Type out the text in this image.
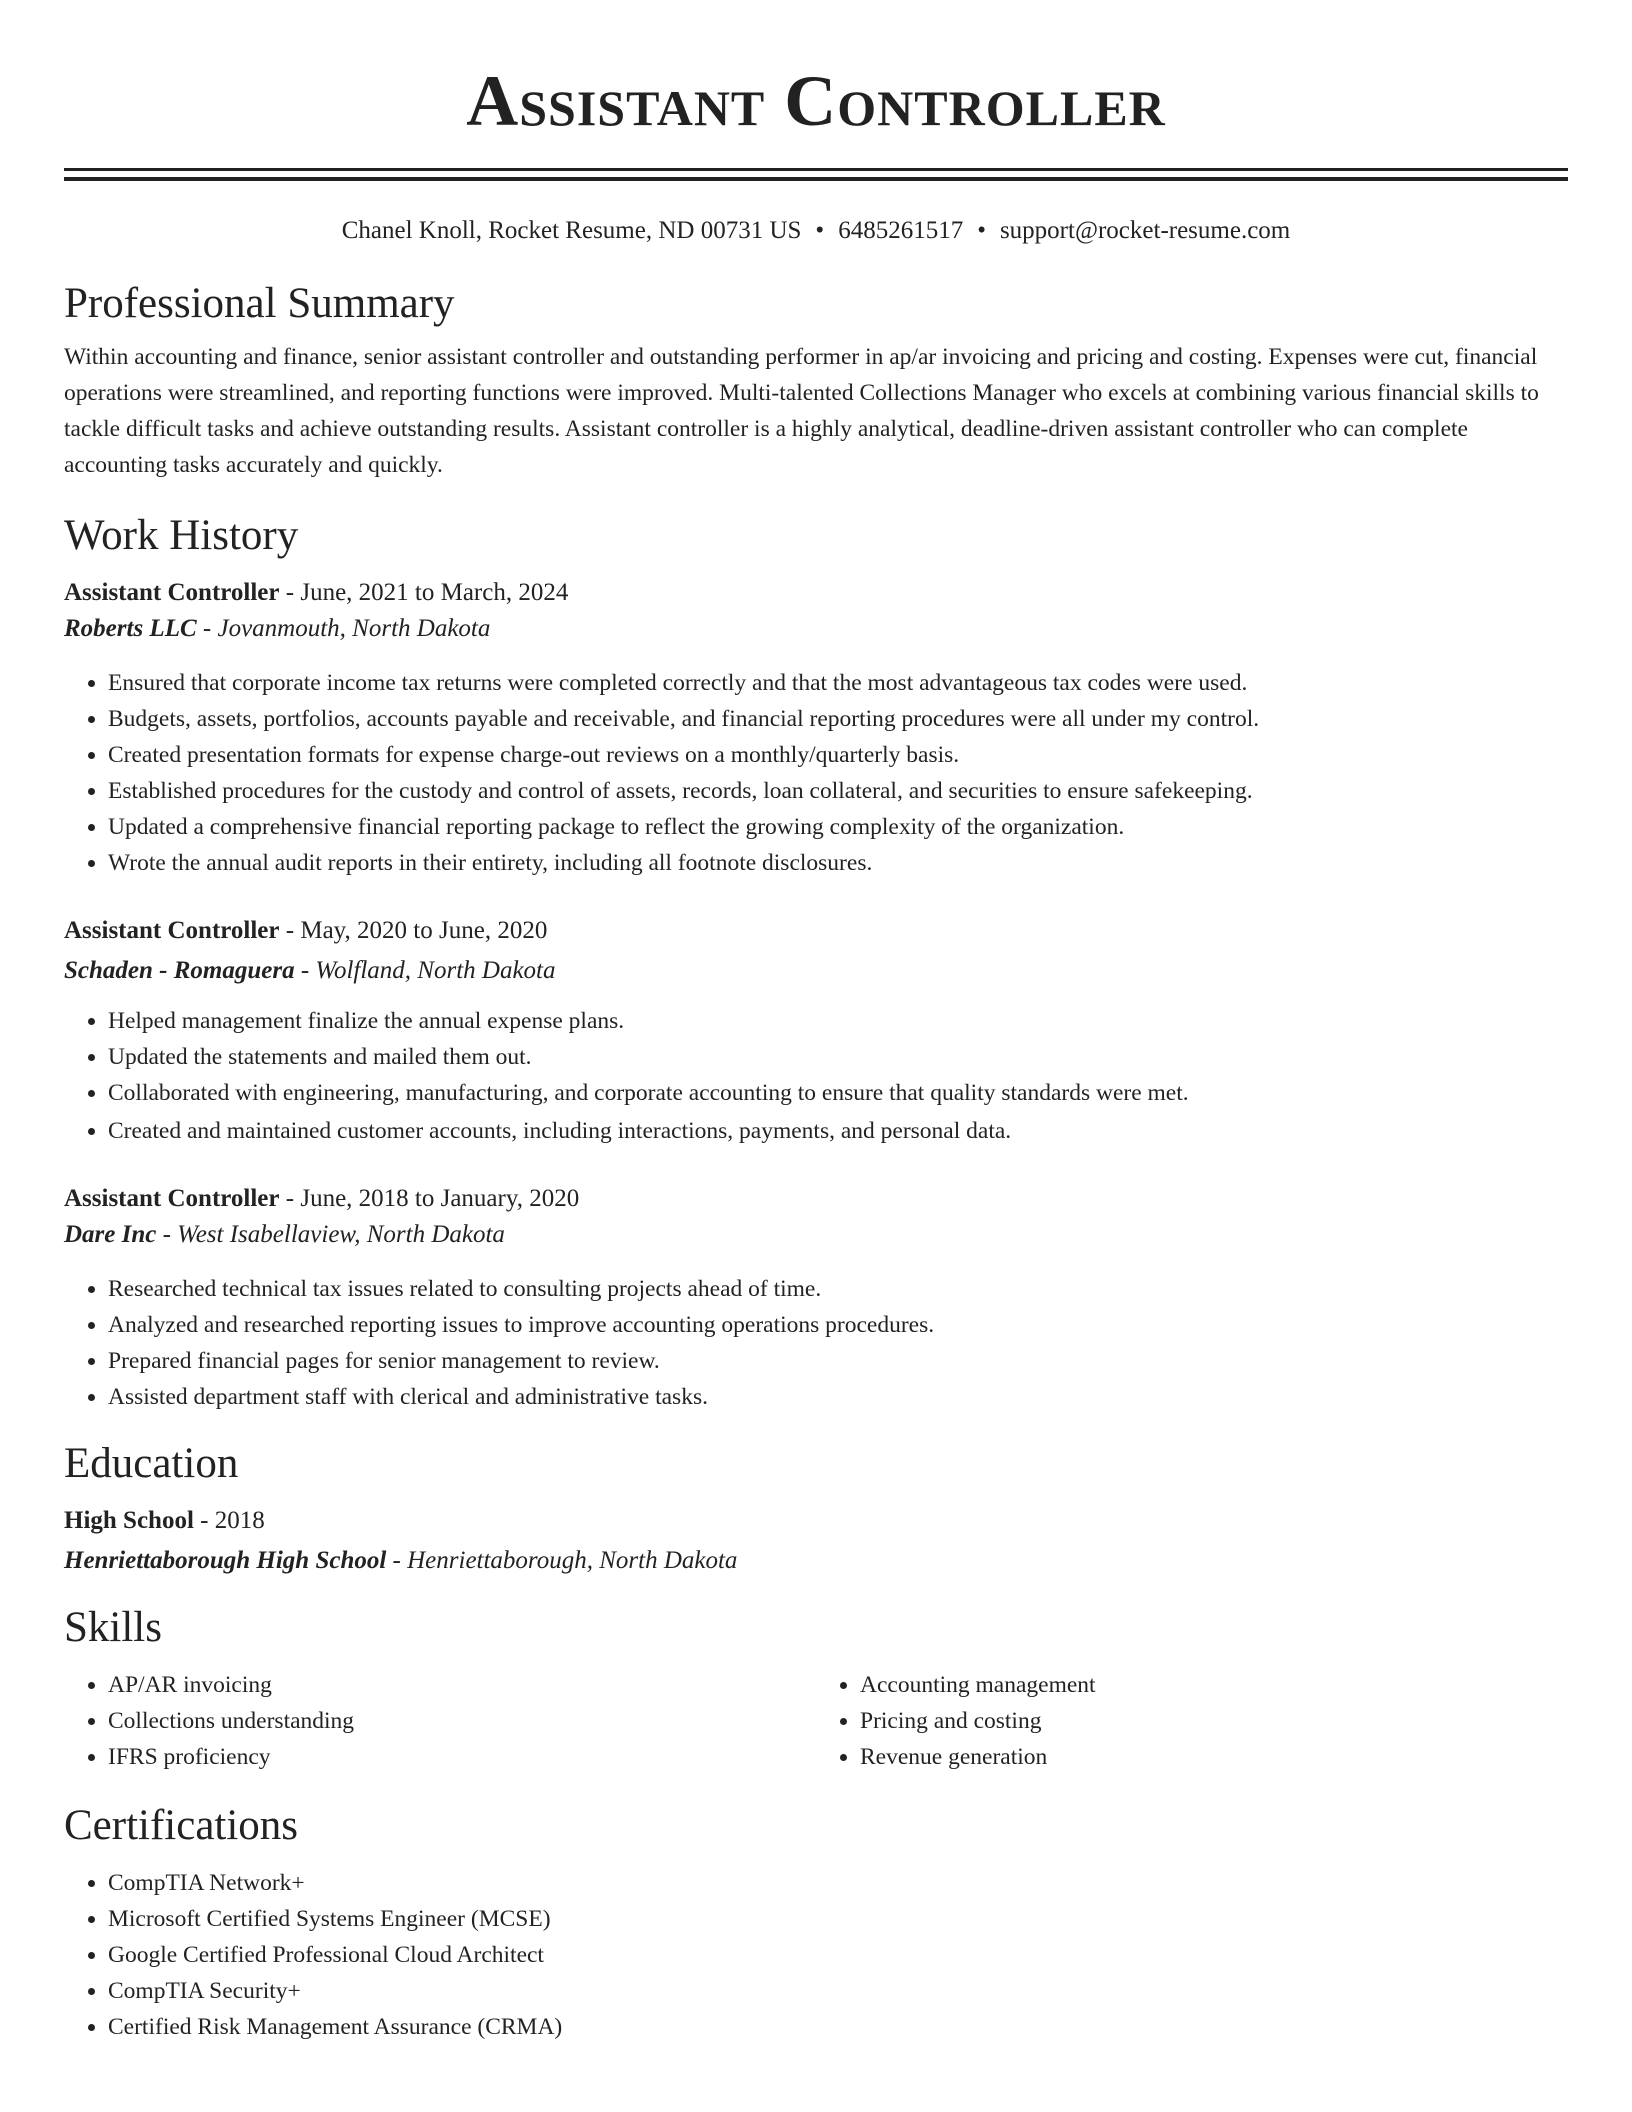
Assistant Controller
Chanel Knoll, Rocket Resume, ND 00731 US • 6485261517 • support@rocket-resume.com
Professional Summary

Within accounting and finance, senior assistant controller and outstanding performer in ap/ar invoicing and pricing and costing. Expenses were cut, financial operations were streamlined, and reporting functions were improved. Multi-talented Collections Manager who excels at combining various financial skills to tackle difficult tasks and achieve outstanding results. Assistant controller is a highly analytical, deadline-driven assistant controller who can complete accounting tasks accurately and quickly.

Work History
Assistant Controller - June, 2021 to March, 2024
Roberts LLC - Jovanmouth, North Dakota
• Ensured that corporate income tax returns were completed correctly and that the most advantageous tax codes were used.
• Budgets, assets, portfolios, accounts payable and receivable, and financial reporting procedures were all under my control.
• Created presentation formats for expense charge-out reviews on a monthly/quarterly basis.
• Established procedures for the custody and control of assets, records, loan collateral, and securities to ensure safekeeping.
• Updated a comprehensive financial reporting package to reflect the growing complexity of the organization.
• Wrote the annual audit reports in their entirety, including all footnote disclosures.
Assistant Controller - May, 2020 to June, 2020
Schaden - Romaguera - Wolfland, North Dakota
• Helped management finalize the annual expense plans.
• Updated the statements and mailed them out.
• Collaborated with engineering, manufacturing, and corporate accounting to ensure that quality standards were met.
• Created and maintained customer accounts, including interactions, payments, and personal data.
Assistant Controller - June, 2018 to January, 2020
Dare Inc - West Isabellaview, North Dakota
• Researched technical tax issues related to consulting projects ahead of time.
• Analyzed and researched reporting issues to improve accounting operations procedures.
• Prepared financial pages for senior management to review.
• Assisted department staff with clerical and administrative tasks.
Education
High School - 2018
Henriettaborough High School - Henriettaborough, North Dakota
Skills
• AP/AR invoicing
• Collections understanding
• IFRS proficiency
• Accounting management
• Pricing and costing
• Revenue generation
Certifications
• CompTIA Network+
• Microsoft Certified Systems Engineer (MCSE)
• Google Certified Professional Cloud Architect
• CompTIA Security+
• Certified Risk Management Assurance (CRMA)
